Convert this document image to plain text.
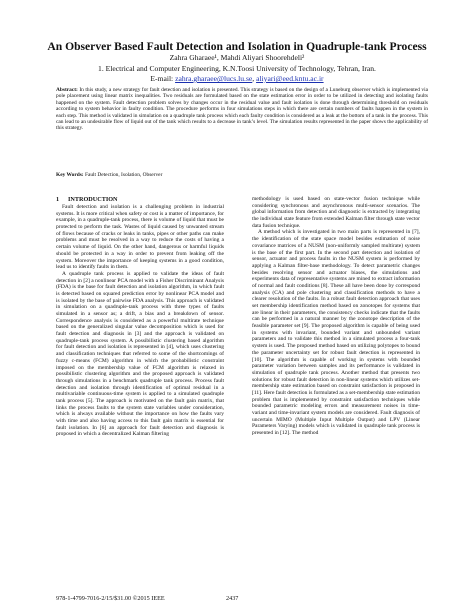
An Observer Based Fault Detection and Isolation in Quadruple-tank Process
Zahra Gharaee¹, Mahdi Aliyari Shoorehdeli²
1. Electrical and Computer Engineering, K.N.Toosi University of Technology, Tehran, Iran.
E-mail: zahra.gharaee@lucs.lu.se, aliyari@eed.kntu.ac.ir
Abstract: In this study, a new strategy for fault detection and isolation is presented. This strategy is based on the design of a Luneburg observer which is implemented via pole placement using linear matrix inequalities. Two residuals are formulated based on the state estimation error in order to be utilized in detecting and isolating faults happened on the system. Fault detection problem solves by changes occur in the residual value and fault isolation is done through determining threshold on residuals according to system behavior in faulty condition. The procedure performs in four simulations steps in which there are certain numbers of faults happen in the system in each step. This method is validated in simulation on a quadruple tank process which each faulty condition is considered as a leak at the bottom of a tank in the process. This can lead to an undesirable flow of liquid out of the tank which results to a decrease in tank’s level. The simulation results represented in the paper shows the applicability of this strategy.
Key Words: Fault Detection, Isolation, Observer
1 INTRODUCTION

Fault detection and isolation is a challenging problem in industrial systems. It is more critical when safety or cost is a matter of importance, for example, in a quadruple-tank process, there is volume of liquid that must be protected to perform the task. Wastes of liquid caused by unwanted stream of flows because of cracks or leaks in tanks, pipes or other paths can make problems and must be resolved in a way to reduce the costs of having a certain volume of liquid. On the other hand, dangerous or harmful liquids should be protected in a way in order to prevent from leaking off the system. Moreover the importance of keeping systems in a good condition, lead us to identify faults in them.

A quadruple tank process is applied to validate the ideas of fault detection in [2] a nonlinear PCA model with a Fisher Discriminant Analysis (FDA) is the base for fault detection and isolation algorithm, in which fault is detected based on squared prediction error by nonlinear PCA model and is isolated by the base of pairwise FDA analysis. This approach is validated in simulation on a quadruple-tank process with three types of faults simulated in a sensor as; a drift, a bias and a breakdown of sensor. Correspondence analysis is considered as a powerful multirate technique based on the generalized singular value decomposition which is used for fault detection and diagnosis in [3] and the approach is validated on quadruple-tank process system. A possibilistic clustering based algorithm for fault detection and isolation is represented in [4], which uses clustering and classification techniques that referred to some of the shortcomings of fuzzy c-means (FCM) algorithm in which the probabilistic constraint imposed on the membership value of FCM algorithm is relaxed in possibilistic clustering algorithm and the proposed approach is validated through simulations in a benchmark quadruple tank process. Process fault detection and isolation through identification of optimal residual in a multivariable continuous-time system is applied to a simulated quadruple tank process [5]. The approach is motivated on the fault gain matrix, that links the process faults to the system state variables under consideration, which is always available without the importance on how the faults vary with time and also having access to this fault gain matrix is essential for fault isolation. In [6] an approach for fault detection and diagnosis is proposed in which a decentralized Kalman filtering

methodology is used based on state-vector fusion technique while considering synchronous and asynchronous multi-sensor scenarios. The global information from detection and diagnostic is extracted by integrating the individual state feature from extended Kalman filter through state vector data fusion technique.

A method which is investigated in two main parts is represented in [7], the identification of the state space model besides estimation of noise covariance matrices of a NUSM (non-uniformly sampled multirate) system is the base of the first part. In the second part detection and isolation of sensor, actuator and process faults in the NUSM system is performed by applying a Kalman filter-base methodology. To detect parametric changes besides resolving sensor and actuator biases, the simulations and experiments data of representative systems are mined to extract information of normal and fault conditions [8]. These all have been done by correspond analysis (CA) and pole clustering and classification methods to have a clearer resolution of the faults. In a robust fault detection approach that uses set membership identification method based on zonotopes for systems that are linear in their parameters, the consistency checks indicate that the faults can be performed in a natural manner by the zonotope description of the feasible parameter set [9]. The proposed algorithm is capable of being used in systems with invariant, bounded variant and unbounded variant parameters and to validate this method in a simulated process a four-tank system is used. The proposed method based on utilizing polytopes to bound the parameter uncertainty set for robust fault detection is represented in [10]. The algorithm is capable of working in systems with bounded parameter variation between samples and its performance is validated in simulation of quadruple tank process. Another method that presents two solutions for robust fault detection in non-linear systems which utilizes set-membership state estimation based on constraint satisfaction is proposed in [11]. Here fault detection is formulated as a set-membership state estimation problem that is implemented by constraint satisfaction techniques while bounded parametric modeling errors and measurement noises in time-variant and time-invariant system models are considered. Fault diagnosis of uncertain MIMO (Multiple Input Multiple Output) and LPV (Linear Parameters Varying) models which is validated in quadruple tank process is presented in [12]. The method

978-1-4799-7016-2/15/$31.00 ©2015 IEEE	2437
